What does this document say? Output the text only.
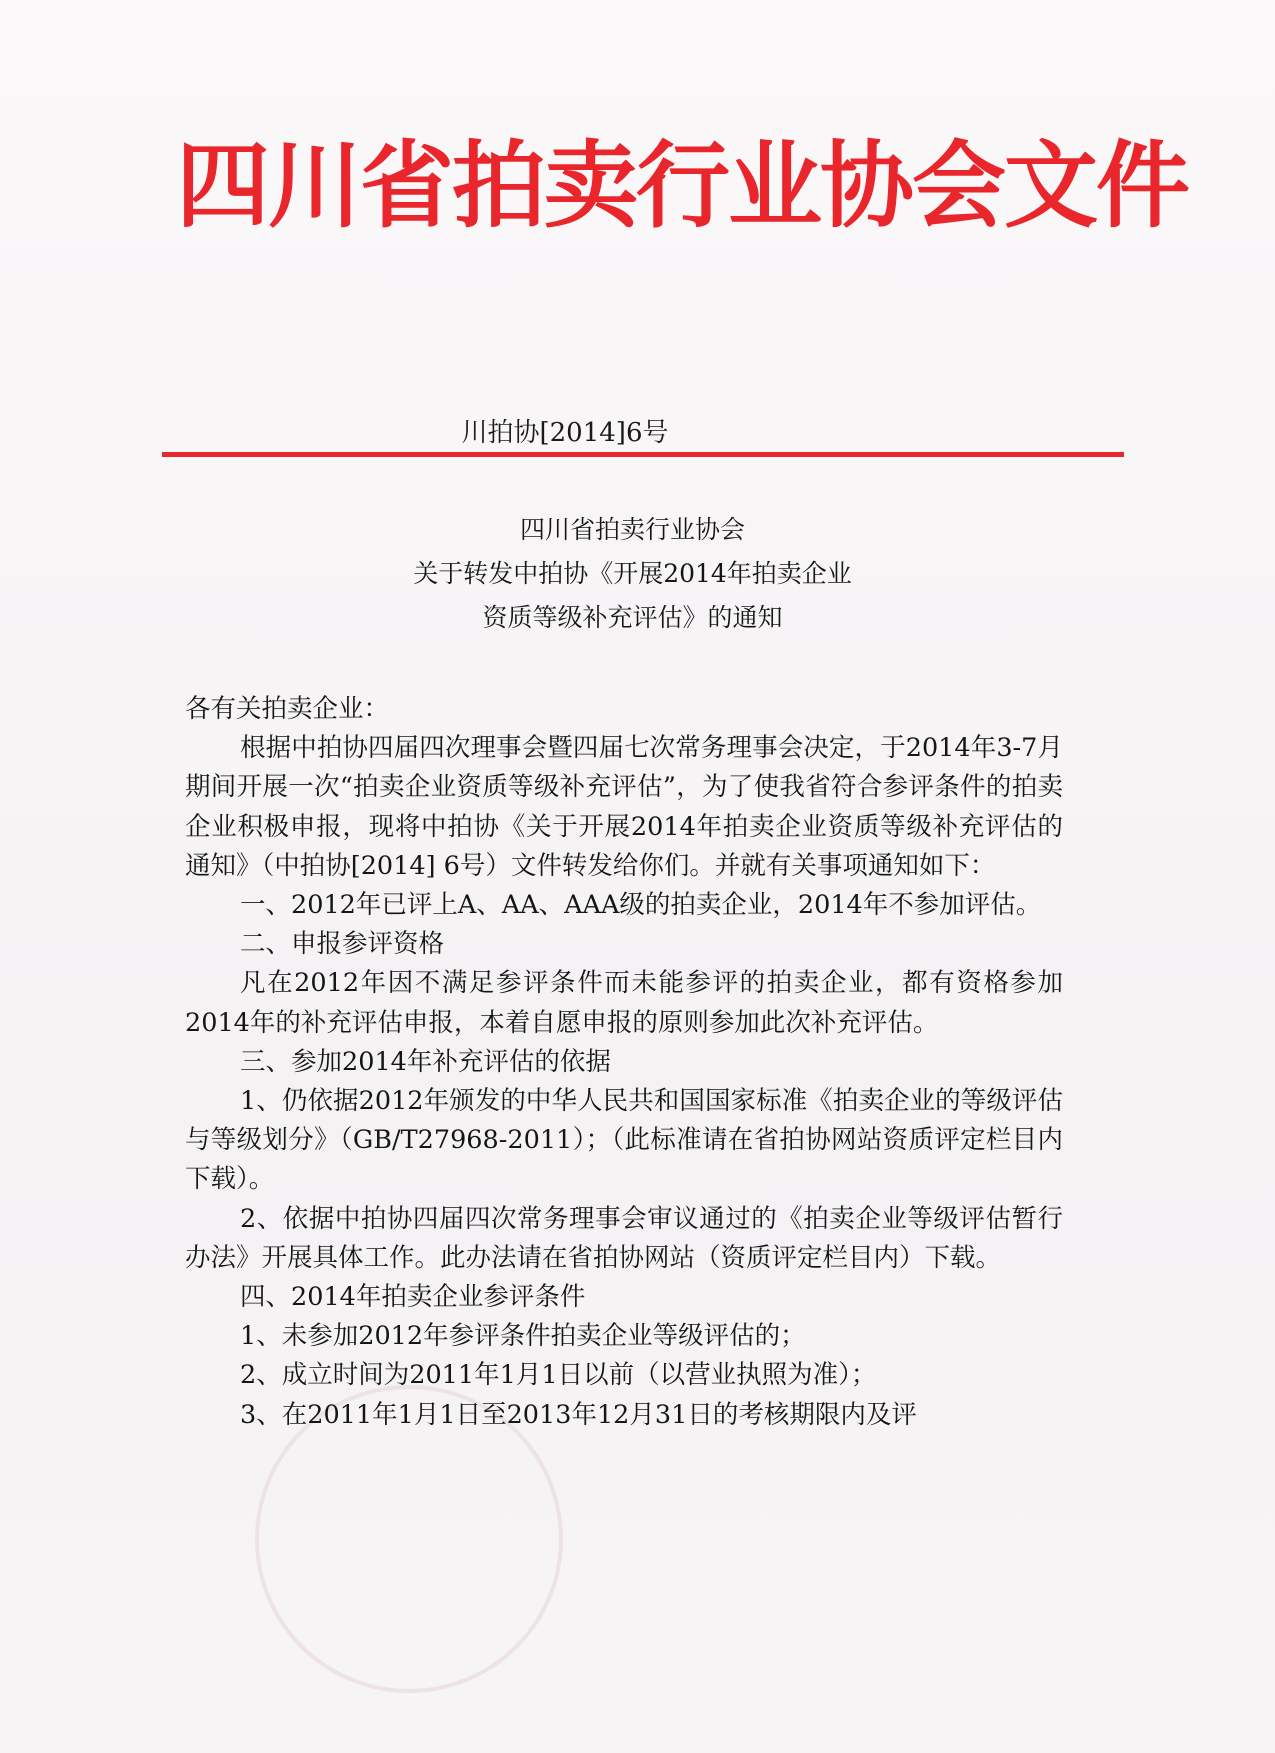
四川省拍卖行业协会文件
川拍协[2014]6号
四川省拍卖行业协会
关于转发中拍协《开展2014年拍卖企业
资质等级补充评估》的通知

各有关拍卖企业：

根据中拍协四届四次理事会暨四届七次常务理事会决定，于2014年3-7月期间开展一次“拍卖企业资质等级补充评估”，为了使我省符合参评条件的拍卖企业积极申报，现将中拍协《关于开展2014年拍卖企业资质等级补充评估的通知》（中拍协[2014] 6号）文件转发给你们。并就有关事项通知如下：

一、2012年已评上A、AA、AAA级的拍卖企业，2014年不参加评估。

二、申报参评资格

凡在2012年因不满足参评条件而未能参评的拍卖企业，都有资格参加2014年的补充评估申报，本着自愿申报的原则参加此次补充评估。

三、参加2014年补充评估的依据

1、仍依据2012年颁发的中华人民共和国国家标准《拍卖企业的等级评估与等级划分》（GB/T27968-2011）；（此标准请在省拍协网站资质评定栏目内下载）。

2、依据中拍协四届四次常务理事会审议通过的《拍卖企业等级评估暂行办法》开展具体工作。此办法请在省拍协网站（资质评定栏目内）下载。

四、2014年拍卖企业参评条件

1、未参加2012年参评条件拍卖企业等级评估的；

2、成立时间为2011年1月1日以前（以营业执照为准）；

3、在2011年1月1日至2013年12月31日的考核期限内及评
